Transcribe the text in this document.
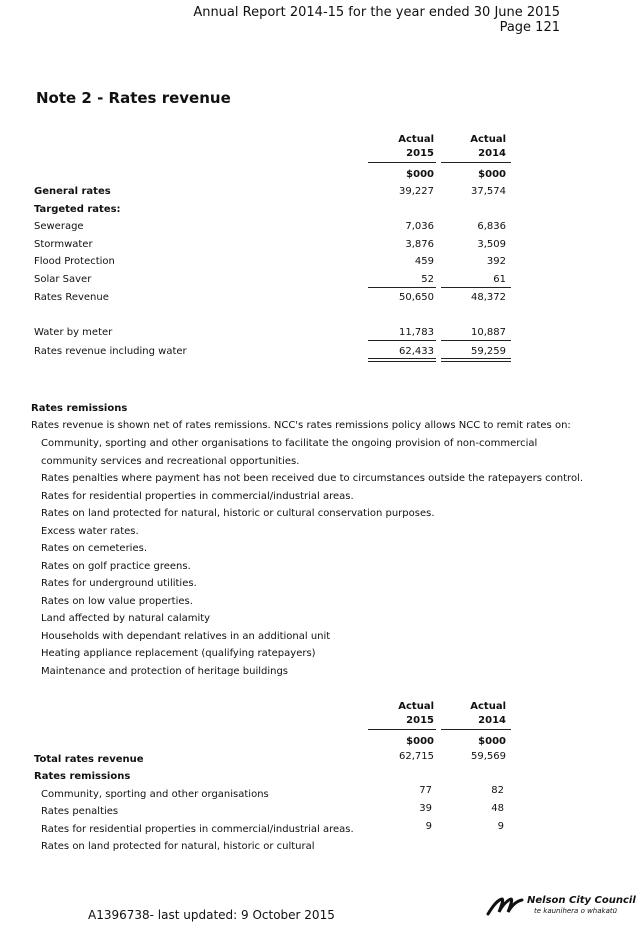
Annual Report 2014-15 for the year ended 30 June 2015
Page 121
Note 2 - Rates revenue
Actual
2015
Actual
2014
$000	$000
General rates	39,227	37,574
Targeted rates:
Sewerage	7,036	6,836
Stormwater	3,876	3,509
Flood Protection	459	392
Solar Saver	52	61
Rates Revenue	50,650	48,372
Water by meter	11,783	10,887
Rates revenue including water	62,433	59,259
Rates remissions
Rates revenue is shown net of rates remissions. NCC's rates remissions policy allows NCC to remit rates on:
Community, sporting and other organisations to facilitate the ongoing provision of non-commercial
community services and recreational opportunities.
Rates penalties where payment has not been received due to circumstances outside the ratepayers control.
Rates for residential properties in commercial/industrial areas.
Rates on land protected for natural, historic or cultural conservation purposes.
Excess water rates.
Rates on cemeteries.
Rates on golf practice greens.
Rates for underground utilities.
Rates on low value properties.
Land affected by natural calamity
Households with dependant relatives in an additional unit
Heating appliance replacement (qualifying ratepayers)
Maintenance and protection of heritage buildings
Actual
2015
Actual
2014
$000	$000
Total rates revenue	62,715	59,569
Rates remissions
Community, sporting and other organisations	77	82
Rates penalties	39	48
Rates for residential properties in commercial/industrial areas.	9	9
Rates on land protected for natural, historic or cultural
A1396738- last updated: 9 October 2015
Nelson City Council
te kaunihera o whakatū
